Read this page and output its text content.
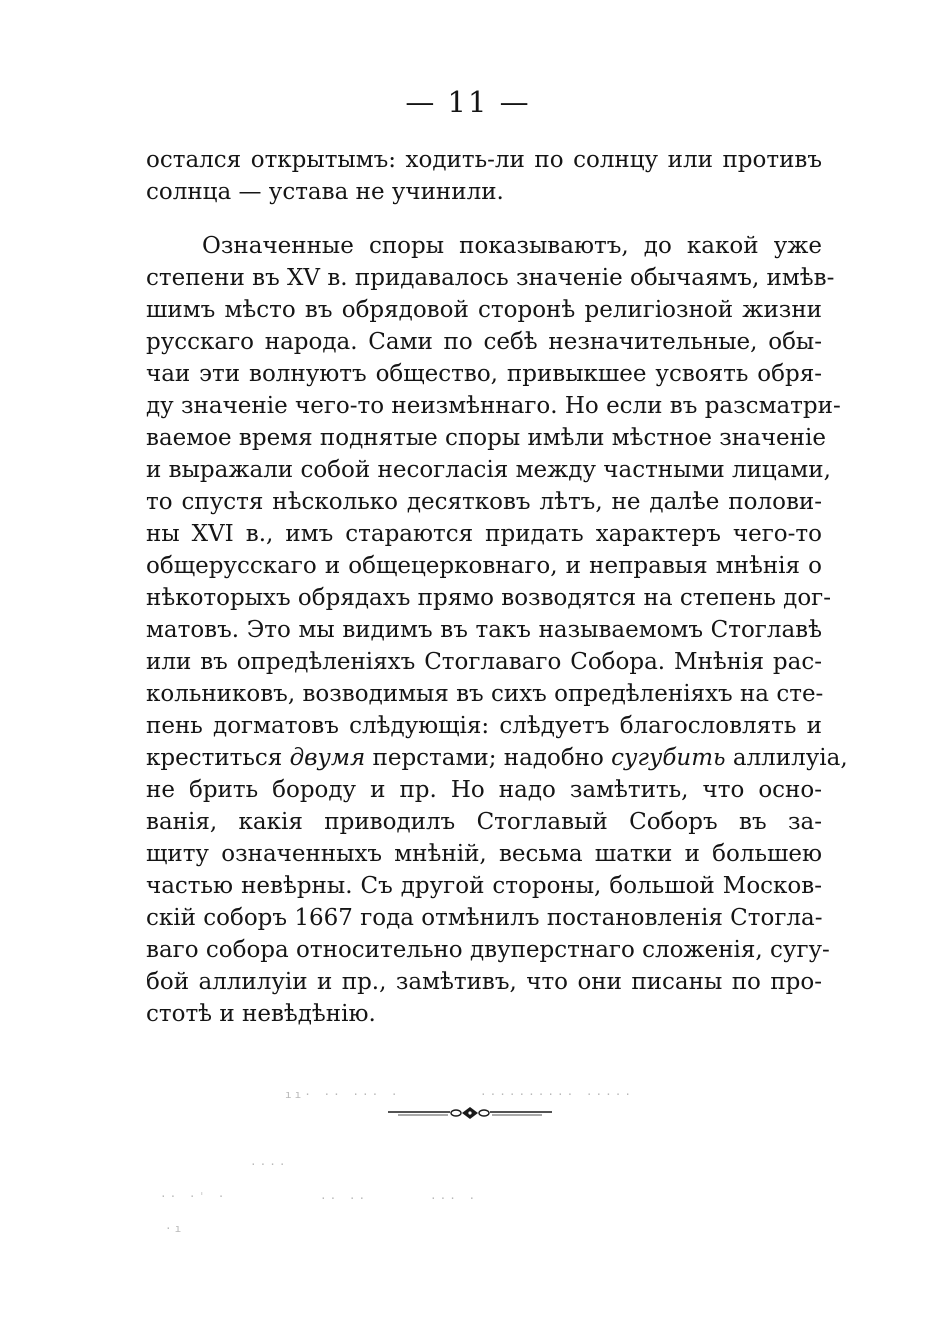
— 11 —
остался открытымъ: ходить-ли по солнцу или противъ
солнца — устава не учинили.
Означенные споры показываютъ, до какой уже
степени въ XV в. придавалось значеніе обычаямъ, имѣв-
шимъ мѣсто въ обрядовой сторонѣ религіозной жизни
русскаго народа. Сами по себѣ незначительные, обы-
чаи эти волнуютъ общество, привыкшее усвоять обря-
ду значеніе чего-то неизмѣннаго. Но если въ разсматри-
ваемое время поднятые споры имѣли мѣстное значеніе
и выражали собой несогласія между частными лицами,
то спустя нѣсколько десятковъ лѣтъ, не далѣе полови-
ны XVI в., имъ стараются придать характеръ чего-то
общерусскаго и общецерковнаго, и неправыя мнѣнія о
нѣкоторыхъ обрядахъ прямо возводятся на степень дог-
матовъ. Это мы видимъ въ такъ называемомъ Стоглавѣ
или въ опредѣленіяхъ Стоглаваго Собора. Мнѣнія рас-
кольниковъ, возводимыя въ сихъ опредѣленіяхъ на сте-
пень догматовъ слѣдующія: слѣдуетъ благословлять и
креститься двумя перстами; надобно сугубить аллилуіа,
не брить бороду и пр. Но надо замѣтить, что осно-
ванія, какія приводилъ Стоглавый Соборъ въ за-
щиту означенныхъ мнѣній, весьма шатки и большею
частью невѣрны. Съ другой стороны, большой Москов-
скій соборъ 1667 года отмѣнилъ постановленія Стогла-
ваго собора относительно двуперстнаго сложенія, сугу-
бой аллилуіи и пр., замѣтивъ, что они писаны по про-
стотѣ и невѣдѣнію.
ıı· ·· ··· ·	·········· ·····
····
·· ·ˈ ·	·· ··	··· ·
·ı
